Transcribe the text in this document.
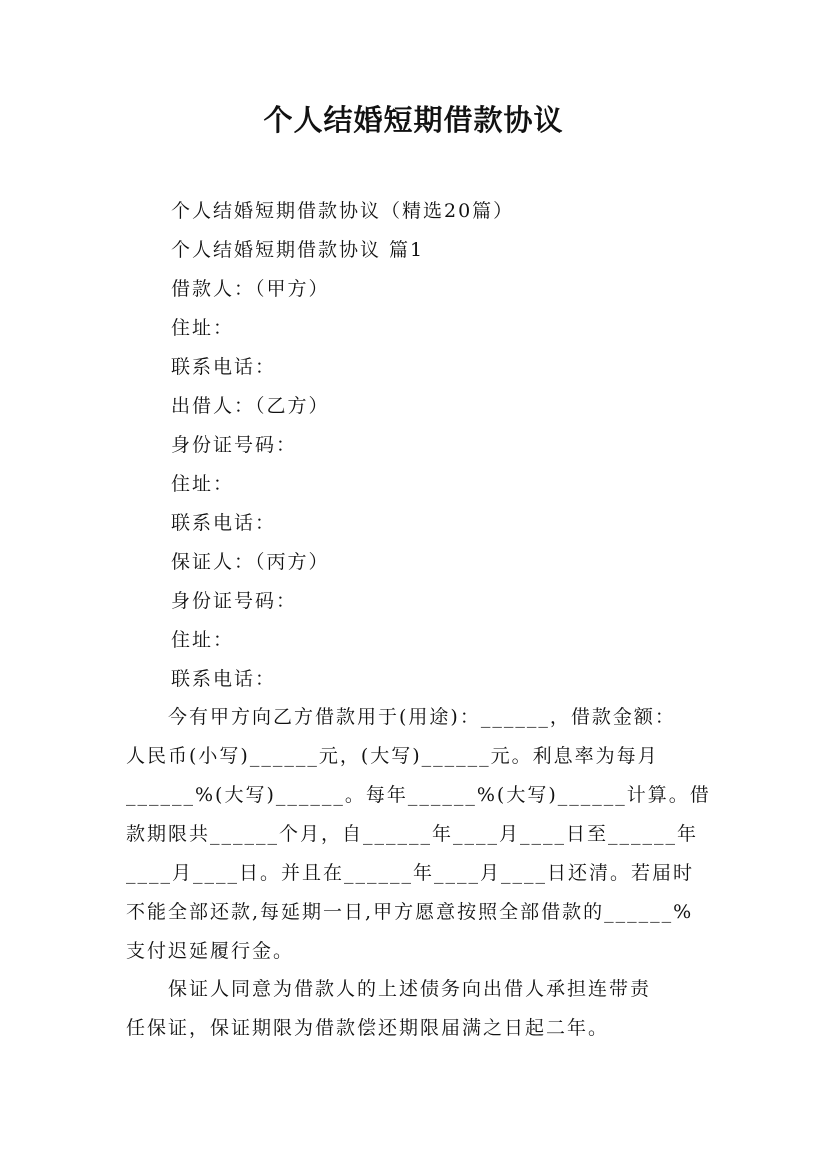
个人结婚短期借款协议
个人结婚短期借款协议（精选20篇）
个人结婚短期借款协议 篇1
借款人：（甲方）
住址：
联系电话：
出借人：（乙方）
身份证号码：
住址：
联系电话：
保证人：（丙方）
身份证号码：
住址：
联系电话：
　　今有甲方向乙方借款用于(用途)：______，借款金额：
人民币(小写)______元，(大写)______元。利息率为每月
______%(大写)______。每年______%(大写)______计算。借
款期限共______个月，自______年____月____日至______年
____月____日。并且在______年____月____日还清。若届时
不能全部还款,每延期一日,甲方愿意按照全部借款的______%
支付迟延履行金。
　　保证人同意为借款人的上述债务向出借人承担连带责
任保证，保证期限为借款偿还期限届满之日起二年。
